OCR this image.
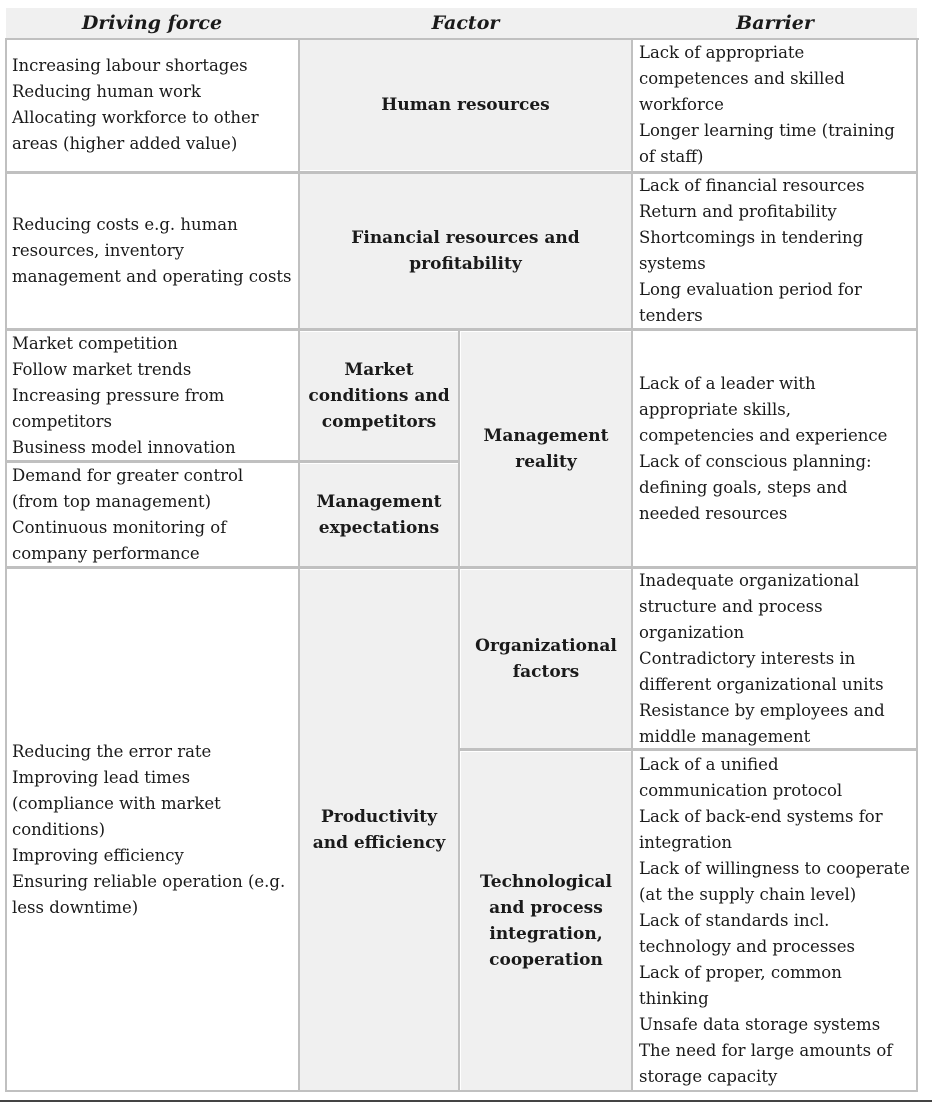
Driving force	Factor	Barrier
Increasing labour shortages
Reducing human work
Allocating workforce to other areas (higher added value)
Human resources
Lack of appropriate competences and skilled workforce
Longer learning time (training of staff)
Reducing costs e.g. human resources, inventory management and operating costs
Financial resources and profitability
Lack of financial resources
Return and profitability
Shortcomings in tendering systems
Long evaluation period for tenders
Market competition
Follow market trends
Increasing pressure from competitors
Business model innovation
Market conditions and competitors
Demand for greater control (from top management)
Continuous monitoring of company performance
Management expectations
Management reality
Lack of a leader with appropriate skills, competencies and experience
Lack of conscious planning: defining goals, steps and needed resources
Reducing the error rate
Improving lead times (compliance with market conditions)
Improving efficiency
Ensuring reliable operation (e.g. less downtime)
Productivity and efficiency
Organizational factors
Inadequate organizational structure and process organization
Contradictory interests in different organizational units
Resistance by employees and middle management
Technological and process integration, cooperation
Lack of a unified communication protocol
Lack of back-end systems for integration
Lack of willingness to cooperate (at the supply chain level)
Lack of standards incl. technology and processes
Lack of proper, common thinking
Unsafe data storage systems
The need for large amounts of storage capacity
